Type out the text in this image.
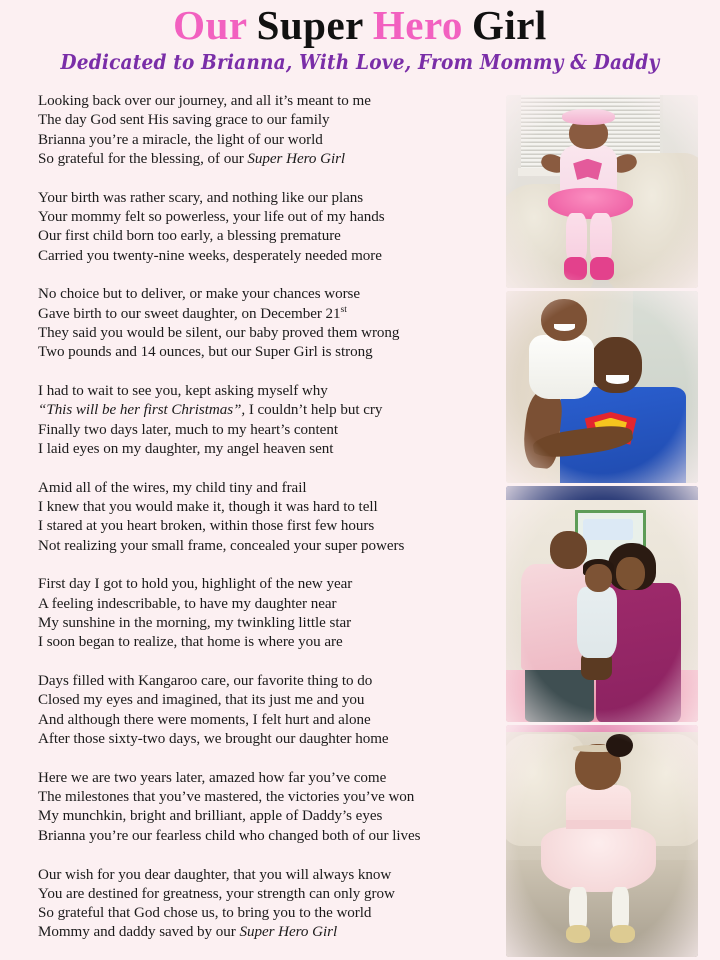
Our Super Hero Girl
Dedicated to Brianna, With Love, From Mommy & Daddy
Looking back over our journey, and all it’s meant to me
The day God sent His saving grace to our family
Brianna you’re a miracle, the light of our world
So grateful for the blessing, of our Super Hero Girl
Your birth was rather scary, and nothing like our plans
Your mommy felt so powerless, your life out of my hands
Our first child born too early, a blessing premature
Carried you twenty-nine weeks, desperately needed more
No choice but to deliver, or make your chances worse
Gave birth to our sweet daughter, on December 21st
They said you would be silent, our baby proved them wrong
Two pounds and 14 ounces, but our Super Girl is strong
I had to wait to see you, kept asking myself why
“This will be her first Christmas”, I couldn’t help but cry
Finally two days later, much to my heart’s content
I laid eyes on my daughter, my angel heaven sent
Amid all of the wires, my child tiny and frail
I knew that you would make it, though it was hard to tell
I stared at you heart broken, within those first few hours
Not realizing your small frame, concealed your super powers
First day I got to hold you, highlight of the new year
A feeling indescribable, to have my daughter near
My sunshine in the morning, my twinkling little star
I soon began to realize, that home is where you are
Days filled with Kangaroo care, our favorite thing to do
Closed my eyes and imagined, that its just me and you
And although there were moments, I felt hurt and alone
After those sixty-two days, we brought our daughter home
Here we are two years later, amazed how far you’ve come
The milestones that you’ve mastered, the victories you’ve won
My munchkin, bright and brilliant, apple of Daddy’s eyes
Brianna you’re our fearless child who changed both of our lives
Our wish for you dear daughter, that you will always know
You are destined for greatness, your strength can only grow
So grateful that God chose us, to bring you to the world
Mommy and daddy saved by our Super Hero Girl
